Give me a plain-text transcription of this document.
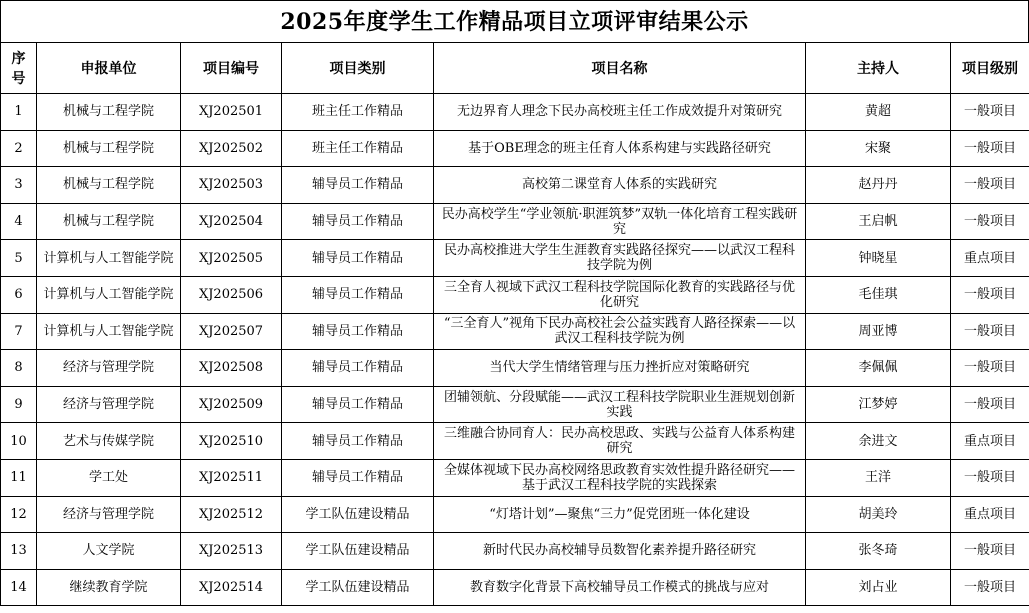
2025年度学生工作精品项目立项评审结果公示
序号	申报单位	项目编号	项目类别	项目名称	主持人	项目级别
1	机械与工程学院	XJ202501	班主任工作精品	无边界育人理念下民办高校班主任工作成效提升对策研究	黄超	一般项目
2	机械与工程学院	XJ202502	班主任工作精品	基于OBE理念的班主任育人体系构建与实践路径研究	宋聚	一般项目
3	机械与工程学院	XJ202503	辅导员工作精品	高校第二课堂育人体系的实践研究	赵丹丹	一般项目
4	机械与工程学院	XJ202504	辅导员工作精品	民办高校学生“学业领航·职涯筑梦”双轨一体化培育工程实践研究	王启帆	一般项目
5	计算机与人工智能学院	XJ202505	辅导员工作精品	民办高校推进大学生生涯教育实践路径探究——以武汉工程科技学院为例	钟晓星	重点项目
6	计算机与人工智能学院	XJ202506	辅导员工作精品	三全育人视域下武汉工程科技学院国际化教育的实践路径与优化研究	毛佳琪	一般项目
7	计算机与人工智能学院	XJ202507	辅导员工作精品	“三全育人”视角下民办高校社会公益实践育人路径探索——以武汉工程科技学院为例	周亚博	一般项目
8	经济与管理学院	XJ202508	辅导员工作精品	当代大学生情绪管理与压力挫折应对策略研究	李佩佩	一般项目
9	经济与管理学院	XJ202509	辅导员工作精品	团辅领航、分段赋能——武汉工程科技学院职业生涯规划创新实践	江梦婷	一般项目
10	艺术与传媒学院	XJ202510	辅导员工作精品	三维融合协同育人：民办高校思政、实践与公益育人体系构建研究	余进文	重点项目
11	学工处	XJ202511	辅导员工作精品	全媒体视域下民办高校网络思政教育实效性提升路径研究——基于武汉工程科技学院的实践探索	王洋	一般项目
12	经济与管理学院	XJ202512	学工队伍建设精品	“灯塔计划”—聚焦“三力”促党团班一体化建设	胡美玲	重点项目
13	人文学院	XJ202513	学工队伍建设精品	新时代民办高校辅导员数智化素养提升路径研究	张冬琦	一般项目
14	继续教育学院	XJ202514	学工队伍建设精品	教育数字化背景下高校辅导员工作模式的挑战与应对	刘占业	一般项目
